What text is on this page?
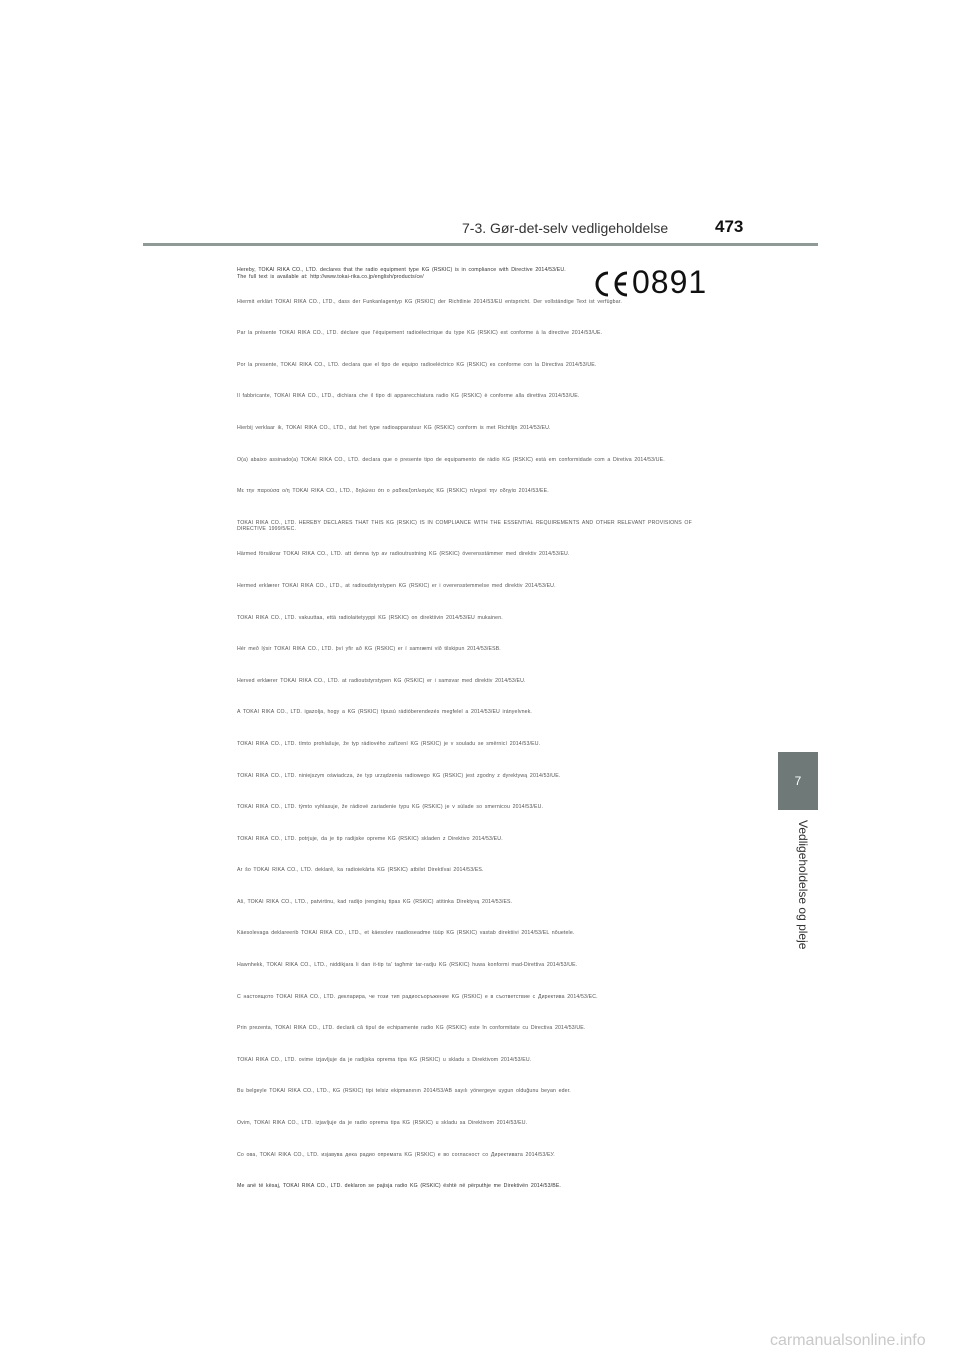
7-3. Gør-det-selv vedligeholdelse	473
7
Vedligeholdelse og pleje
CE 0891
Hereby, TOKAI RIKA CO., LTD. declares that the radio equipment type KG (RSKIC) is in compliance with Directive 2014/53/EU. The full text is available at: http://www.tokai-rika.co.jp/english/products/ce/
Hiermit erklärt TOKAI RIKA CO., LTD., dass der Funkanlagentyp KG (RSKIC) der Richtlinie 2014/53/EU entspricht. Der vollständige Text ist verfügbar.
Par la présente TOKAI RIKA CO., LTD. déclare que l'équipement radioélectrique du type KG (RSKIC) est conforme à la directive 2014/53/UE.
Por la presente, TOKAI RIKA CO., LTD. declara que el tipo de equipo radioeléctrico KG (RSKIC) es conforme con la Directiva 2014/53/UE.
Il fabbricante, TOKAI RIKA CO., LTD., dichiara che il tipo di apparecchiatura radio KG (RSKIC) è conforme alla direttiva 2014/53/UE.
Hierbij verklaar ik, TOKAI RIKA CO., LTD., dat het type radioapparatuur KG (RSKIC) conform is met Richtlijn 2014/53/EU.
O(a) abaixo assinado(a) TOKAI RIKA CO., LTD. declara que o presente tipo de equipamento de rádio KG (RSKIC) está em conformidade com a Diretiva 2014/53/UE.
Με την παρούσα ο/η TOKAI RIKA CO., LTD., δηλώνει ότι ο ραδιοεξοπλισμός KG (RSKIC) πληροί την οδηγία 2014/53/ΕΕ.
TOKAI RIKA CO., LTD. HEREBY DECLARES THAT THIS KG (RSKIC) IS IN COMPLIANCE WITH THE ESSENTIAL REQUIREMENTS AND OTHER RELEVANT PROVISIONS OF DIRECTIVE 1999/5/EC.
Härmed försäkrar TOKAI RIKA CO., LTD. att denna typ av radioutrustning KG (RSKIC) överensstämmer med direktiv 2014/53/EU.
Hermed erklærer TOKAI RIKA CO., LTD., at radioudstyrstypen KG (RSKIC) er i overensstemmelse med direktiv 2014/53/EU.
TOKAI RIKA CO., LTD. vakuuttaa, että radiolaitetyyppi KG (RSKIC) on direktiivin 2014/53/EU mukainen.
Hér með lýsir TOKAI RIKA CO., LTD. því yfir að KG (RSKIC) er í samræmi við tilskipun 2014/53/ESB.
Herved erklærer TOKAI RIKA CO., LTD. at radioutstyrstypen KG (RSKIC) er i samsvar med direktiv 2014/53/EU.
A TOKAI RIKA CO., LTD. igazolja, hogy a KG (RSKIC) típusú rádióberendezés megfelel a 2014/53/EU irányelvnek.
TOKAI RIKA CO., LTD. tímto prohlašuje, že typ rádiového zařízení KG (RSKIC) je v souladu se směrnicí 2014/53/EU.
TOKAI RIKA CO., LTD. niniejszym oświadcza, że typ urządzenia radiowego KG (RSKIC) jest zgodny z dyrektywą 2014/53/UE.
TOKAI RIKA CO., LTD. týmto vyhlasuje, že rádiové zariadenie typu KG (RSKIC) je v súlade so smernicou 2014/53/EÚ.
TOKAI RIKA CO., LTD. potrjuje, da je tip radijske opreme KG (RSKIC) skladen z Direktivo 2014/53/EU.
Ar šo TOKAI RIKA CO., LTD. deklarē, ka radioiekārta KG (RSKIC) atbilst Direktīvai 2014/53/ES.
Aš, TOKAI RIKA CO., LTD., patvirtinu, kad radijo įrenginių tipas KG (RSKIC) atitinka Direktyvą 2014/53/ES.
Käesolevaga deklareerib TOKAI RIKA CO., LTD., et käesolev raadioseadme tüüp KG (RSKIC) vastab direktiivi 2014/53/EL nõuetele.
Hawnhekk, TOKAI RIKA CO., LTD., niddikjara li dan it-tip ta' tagħmir tar-radju KG (RSKIC) huwa konformi mad-Direttiva 2014/53/UE.
С настоящото TOKAI RIKA CO., LTD. декларира, че този тип радиосъоръжение KG (RSKIC) е в съответствие с Директива 2014/53/ЕС.
Prin prezenta, TOKAI RIKA CO., LTD. declară că tipul de echipamente radio KG (RSKIC) este în conformitate cu Directiva 2014/53/UE.
TOKAI RIKA CO., LTD. ovime izjavljuje da je radijska oprema tipa KG (RSKIC) u skladu s Direktivom 2014/53/EU.
Bu belgeyle TOKAI RIKA CO., LTD., KG (RSKIC) tipi telsiz ekipmanının 2014/53/AB sayılı yönergeye uygun olduğunu beyan eder.
Ovim, TOKAI RIKA CO., LTD. izjavljuje da je radio oprema tipa KG (RSKIC) u skladu sa Direktivom 2014/53/EU.
Со ова, TOKAI RIKA CO., LTD. изјавува дека радио опремата KG (RSKIC) е во согласност со Директивата 2014/53/ЕУ.
Me anë të kësaj, TOKAI RIKA CO., LTD. deklaron se pajisja radio KG (RSKIC) është në përputhje me Direktivën 2014/53/BE.
carmanualsonline.info
